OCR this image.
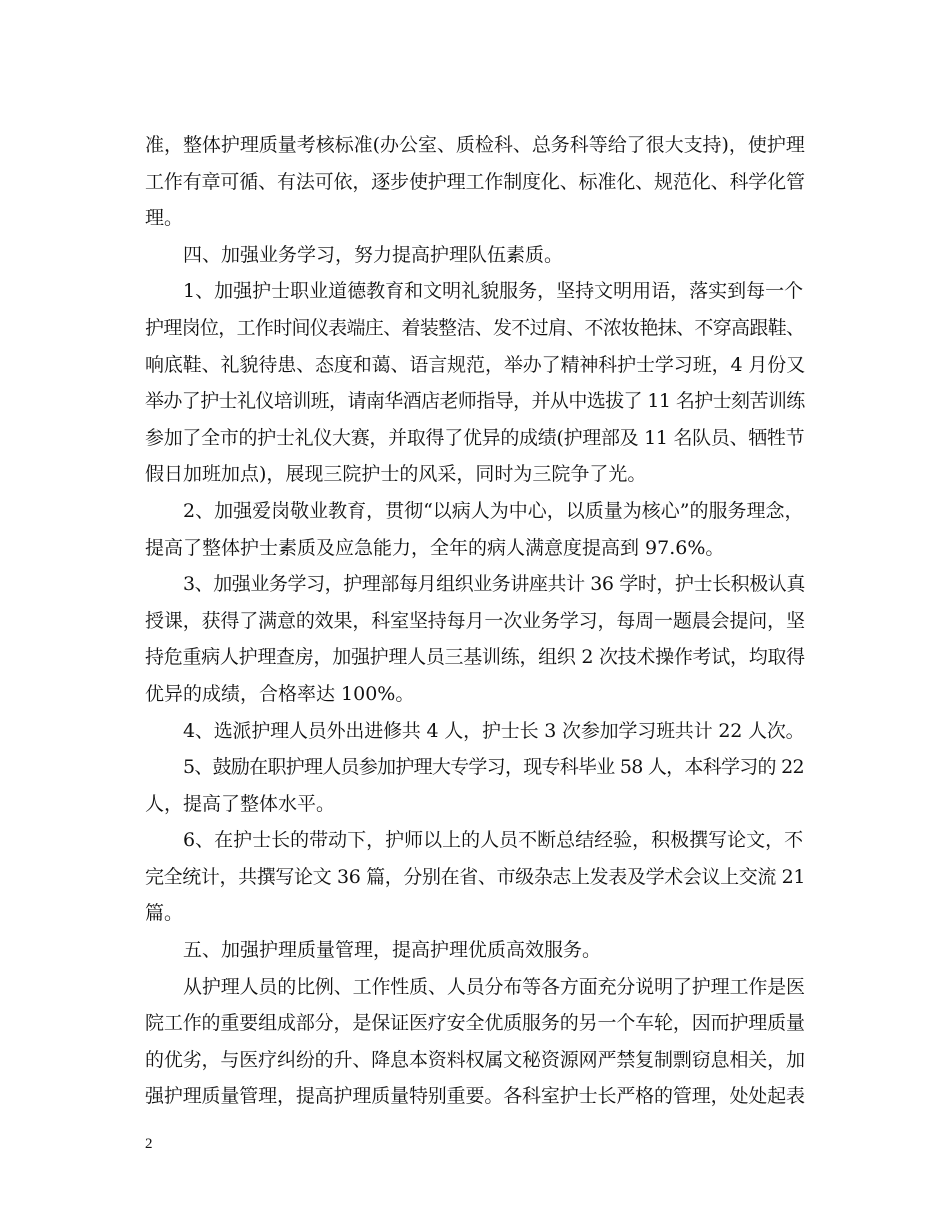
准，整体护理质量考核标准(办公室、质检科、总务科等给了很大支持)，使护理
工作有章可循、有法可依，逐步使护理工作制度化、标准化、规范化、科学化管
理。
四、加强业务学习，努力提高护理队伍素质。
1、加强护士职业道德教育和文明礼貌服务，坚持文明用语，落实到每一个
护理岗位，工作时间仪表端庄、着装整洁、发不过肩、不浓妆艳抹、不穿高跟鞋、
响底鞋、礼貌待患、态度和蔼、语言规范，举办了精神科护士学习班，4 月份又
举办了护士礼仪培训班，请南华酒店老师指导，并从中选拔了 11 名护士刻苦训练
参加了全市的护士礼仪大赛，并取得了优异的成绩(护理部及 11 名队员、牺牲节
假日加班加点)，展现三院护士的风采，同时为三院争了光。
2、加强爱岗敬业教育，贯彻“以病人为中心，以质量为核心”的服务理念，
提高了整体护士素质及应急能力，全年的病人满意度提高到 97.6%。
3、加强业务学习，护理部每月组织业务讲座共计 36 学时，护士长积极认真
授课，获得了满意的效果，科室坚持每月一次业务学习，每周一题晨会提问，坚
持危重病人护理查房，加强护理人员三基训练，组织 2 次技术操作考试，均取得
优异的成绩，合格率达 100%。
4、选派护理人员外出进修共 4 人，护士长 3 次参加学习班共计 22 人次。
5、鼓励在职护理人员参加护理大专学习，现专科毕业 58 人，本科学习的 22
人，提高了整体水平。
6、在护士长的带动下，护师以上的人员不断总结经验，积极撰写论文，不
完全统计，共撰写论文 36 篇，分别在省、市级杂志上发表及学术会议上交流 21
篇。
五、加强护理质量管理，提高护理优质高效服务。
从护理人员的比例、工作性质、人员分布等各方面充分说明了护理工作是医
院工作的重要组成部分，是保证医疗安全优质服务的另一个车轮，因而护理质量
的优劣，与医疗纠纷的升、降息本资料权属文秘资源网严禁复制剽窃息相关，加
强护理质量管理，提高护理质量特别重要。各科室护士长严格的管理，处处起表
2
